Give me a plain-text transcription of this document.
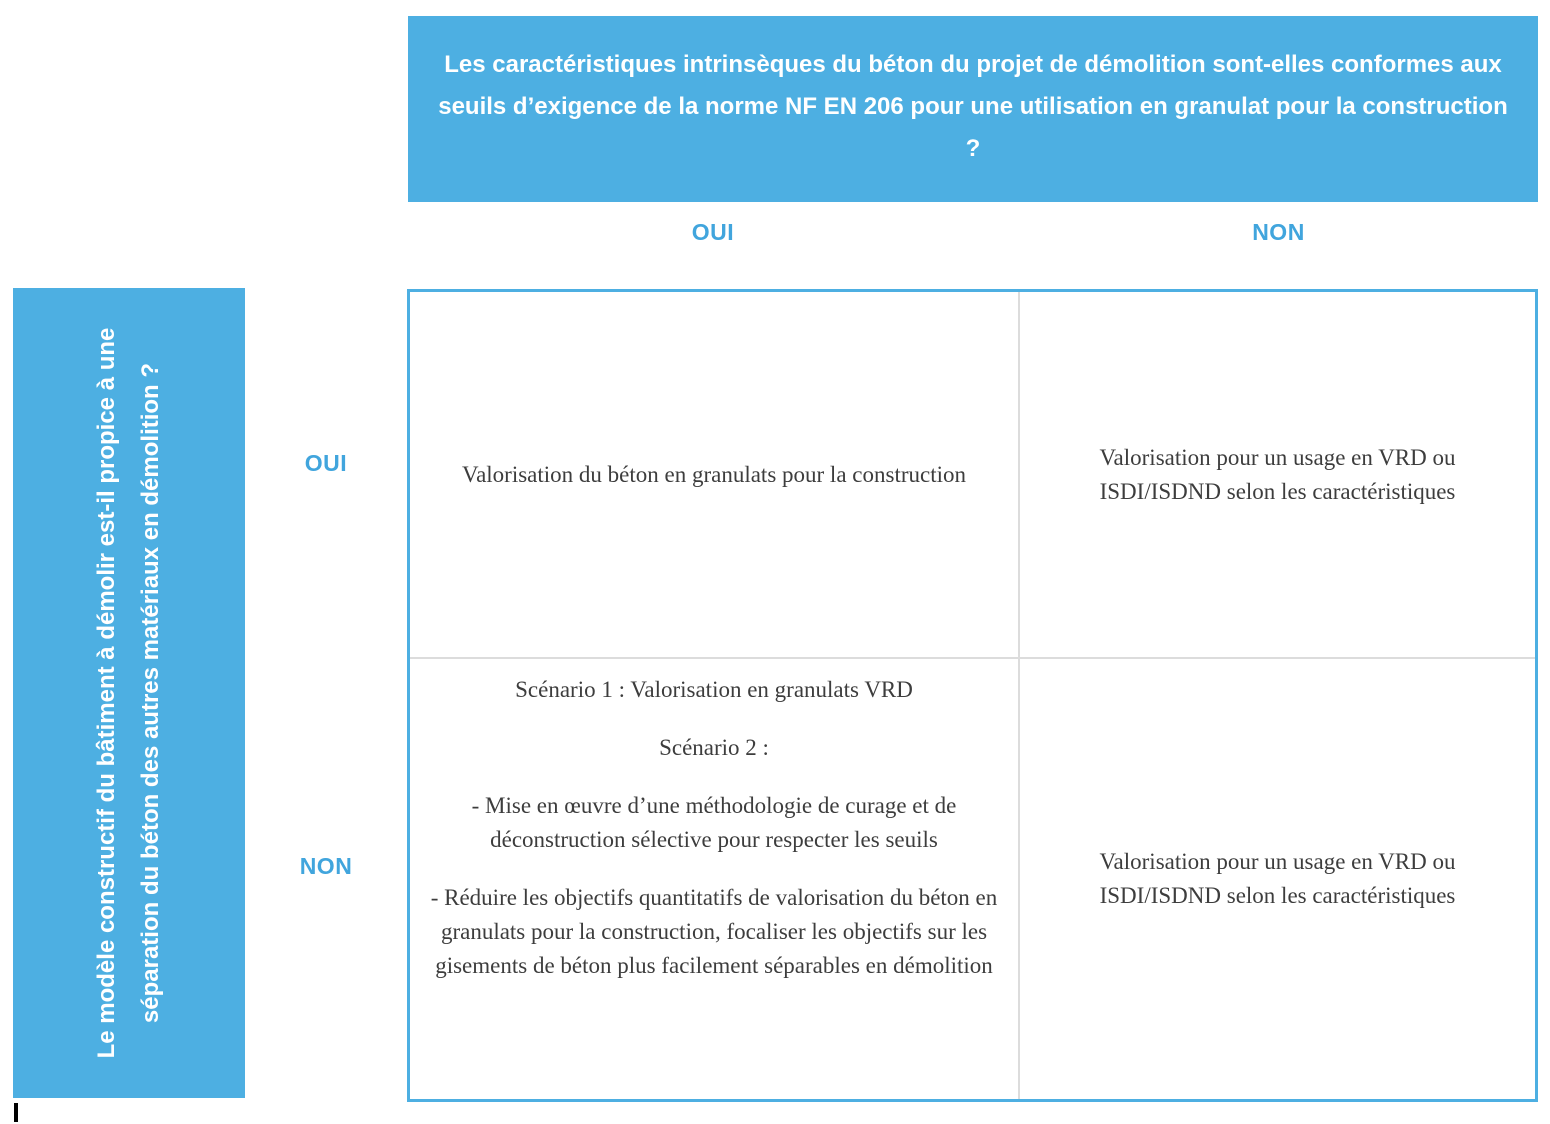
Les caractéristiques intrinsèques du béton du projet de démolition sont-elles conformes aux seuils d’exigence de la norme NF EN 206 pour une utilisation en granulat pour la construction ?
OUI	NON
Le modèle constructif du bâtiment à démolir est-il propice à une séparation du béton des autres matériaux en démolition ?	OUI
NON
Valorisation du béton en granulats pour la construction
Valorisation pour un usage en VRD ou ISDI/ISDND selon les caractéristiques

Scénario 1 : Valorisation en granulats VRD

Scénario 2 :

- Mise en œuvre d’une méthodologie de curage et de déconstruction sélective pour respecter les seuils

- Réduire les objectifs quantitatifs de valorisation du béton en granulats pour la construction, focaliser les objectifs sur les gisements de béton plus facilement séparables en démolition

Valorisation pour un usage en VRD ou ISDI/ISDND selon les caractéristiques
